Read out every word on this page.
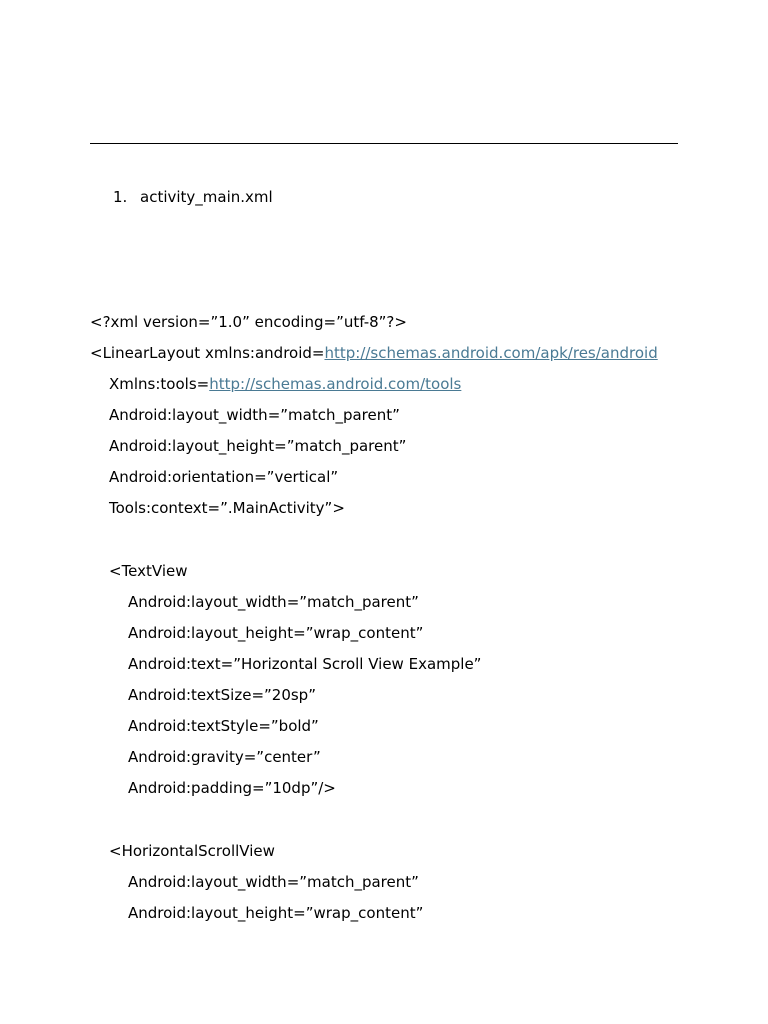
1. activity_main.xml
<?xml version=”1.0” encoding=”utf-8”?>
<LinearLayout xmlns:android=http://schemas.android.com/apk/res/android
Xmlns:tools=http://schemas.android.com/tools
Android:layout_width=”match_parent”
Android:layout_height=”match_parent”
Android:orientation=”vertical”
Tools:context=”.MainActivity”>
<TextView
Android:layout_width=”match_parent”
Android:layout_height=”wrap_content”
Android:text=”Horizontal Scroll View Example”
Android:textSize=”20sp”
Android:textStyle=”bold”
Android:gravity=”center”
Android:padding=”10dp”/>
<HorizontalScrollView
Android:layout_width=”match_parent”
Android:layout_height=”wrap_content”
